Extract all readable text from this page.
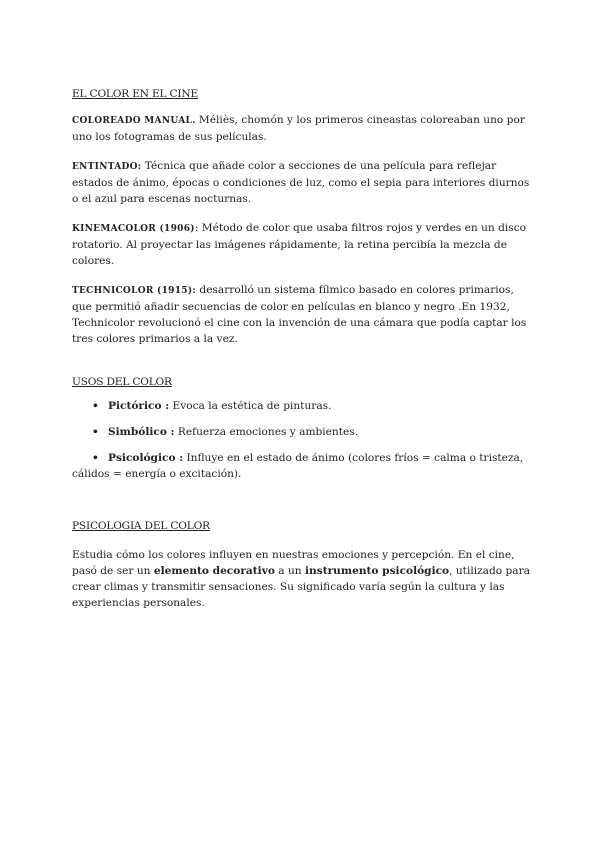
EL COLOR EN EL CINE

COLOREADO MANUAL. Méliès, chomón y los primeros cineastas coloreaban uno por uno los fotogramas de sus películas.

ENTINTADO: Técnica que añade color a secciones de una película para reflejar estados de ánimo, épocas o condiciones de luz, como el sepia para interiores diurnos o el azul para escenas nocturnas.

KINEMACOLOR (1906): Método de color que usaba filtros rojos y verdes en un disco rotatorio. Al proyectar las imágenes rápidamente, la retina percibía la mezcla de colores.

TECHNICOLOR (1915): desarrolló un sistema fílmico basado en colores primarios, que permitió añadir secuencias de color en películas en blanco y negro .En 1932, Technicolor revolucionó el cine con la invención de una cámara que podía captar los tres colores primarios a la vez.

USOS DEL COLOR
• Pictórico : Evoca la estética de pinturas.
• Simbólico : Refuerza emociones y ambientes.
• Psicológico : Influye en el estado de ánimo (colores fríos = calma o tristeza, cálidos = energía o excitación).
PSICOLOGIA DEL COLOR

Estudia cómo los colores influyen en nuestras emociones y percepción. En el cine, pasó de ser un elemento decorativo a un instrumento psicológico, utilizado para crear climas y transmitir sensaciones. Su significado varía según la cultura y las experiencias personales.
